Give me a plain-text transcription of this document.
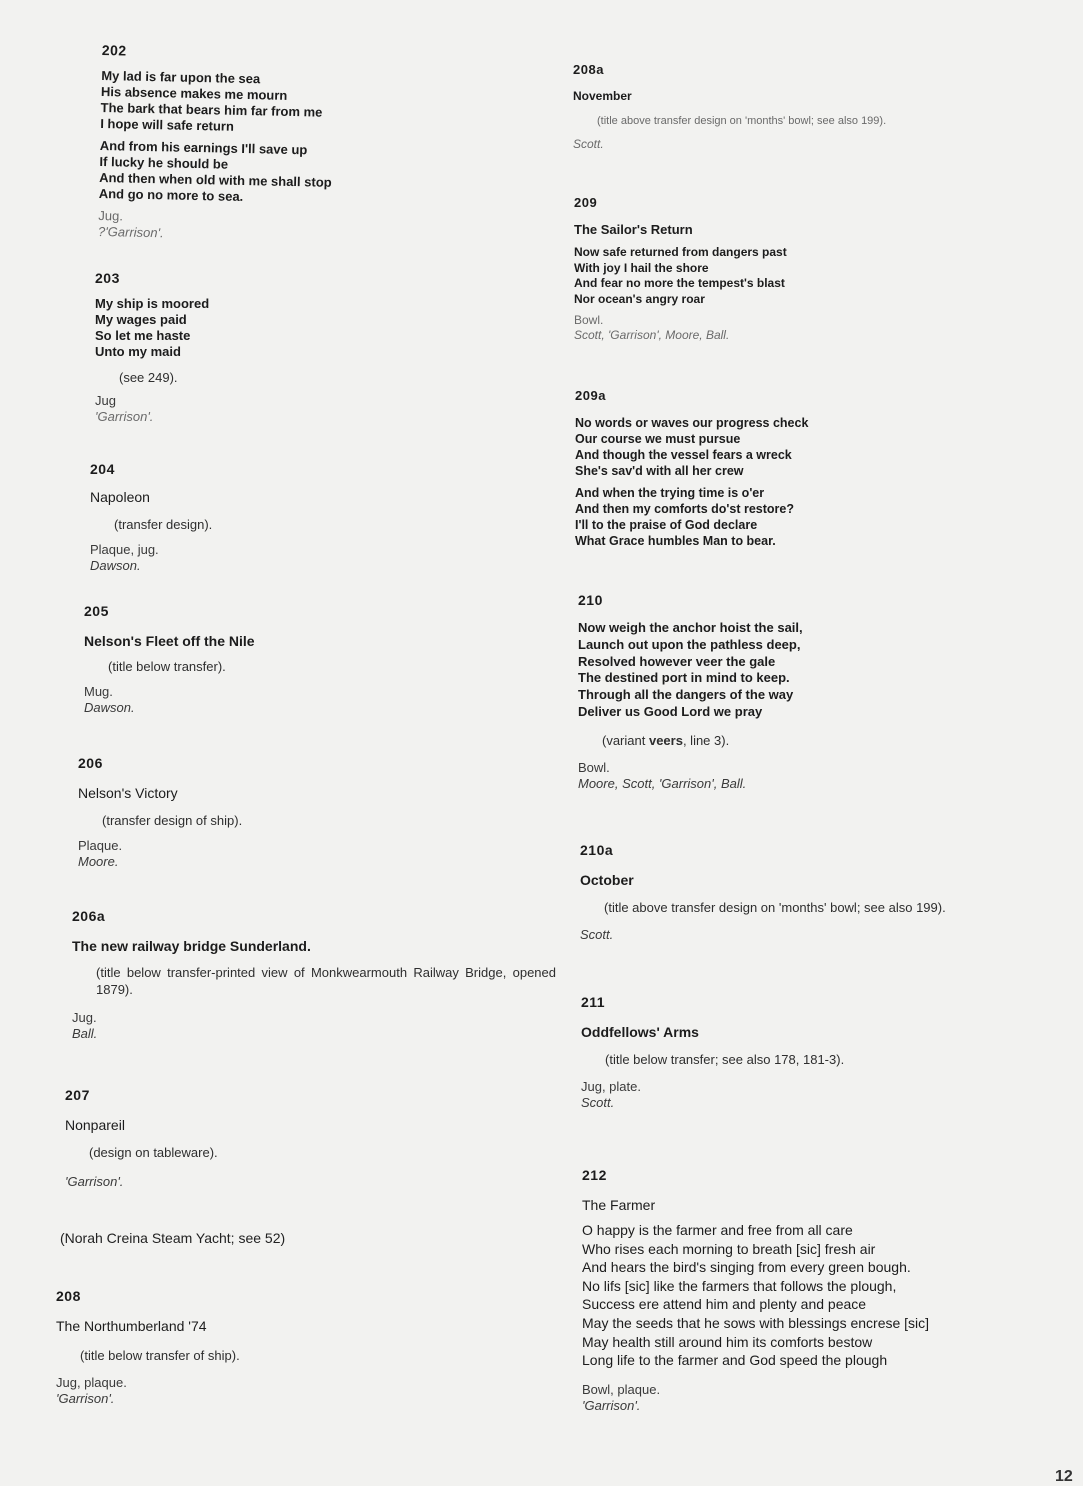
202
My lad is far upon the sea
His absence makes me mourn
The bark that bears him far from me
I hope will safe return
And from his earnings I'll save up
If lucky he should be
And then when old with me shall stop
And go no more to sea.
Jug.
?'Garrison'.
203
My ship is moored
My wages paid
So let me haste
Unto my maid
(see 249).
Jug
'Garrison'.
204
Napoleon
(transfer design).
Plaque, jug.
Dawson.
205
Nelson's Fleet off the Nile
(title below transfer).
Mug.
Dawson.
206
Nelson's Victory
(transfer design of ship).
Plaque.
Moore.
206a
The new railway bridge Sunderland.
(title below transfer-printed view of Monkwearmouth Railway Bridge, opened 1879).
Jug.
Ball.
207
Nonpareil
(design on tableware).
'Garrison'.
(Norah Creina Steam Yacht; see 52)
208
The Northumberland '74
(title below transfer of ship).
Jug, plaque.
'Garrison'.
208a
November
(title above transfer design on 'months' bowl; see also 199).
Scott.
209
The Sailor's Return
Now safe returned from dangers past
With joy I hail the shore
And fear no more the tempest's blast
Nor ocean's angry roar
Bowl.
Scott, 'Garrison', Moore, Ball.
209a
No words or waves our progress check
Our course we must pursue
And though the vessel fears a wreck
She's sav'd with all her crew
And when the trying time is o'er
And then my comforts do'st restore?
I'll to the praise of God declare
What Grace humbles Man to bear.
210
Now weigh the anchor hoist the sail,
Launch out upon the pathless deep,
Resolved however veer the gale
The destined port in mind to keep.
Through all the dangers of the way
Deliver us Good Lord we pray
(variant veers, line 3).
Bowl.
Moore, Scott, 'Garrison', Ball.
210a
October
(title above transfer design on 'months' bowl; see also 199).
Scott.
211
Oddfellows' Arms
(title below transfer; see also 178, 181-3).
Jug, plate.
Scott.
212
The Farmer
O happy is the farmer and free from all care
Who rises each morning to breath [sic] fresh air
And hears the bird's singing from every green bough.
No lifs [sic] like the farmers that follows the plough,
Success ere attend him and plenty and peace
May the seeds that he sows with blessings encrese [sic]
May health still around him its comforts bestow
Long life to the farmer and God speed the plough
Bowl, plaque.
'Garrison'.
12
